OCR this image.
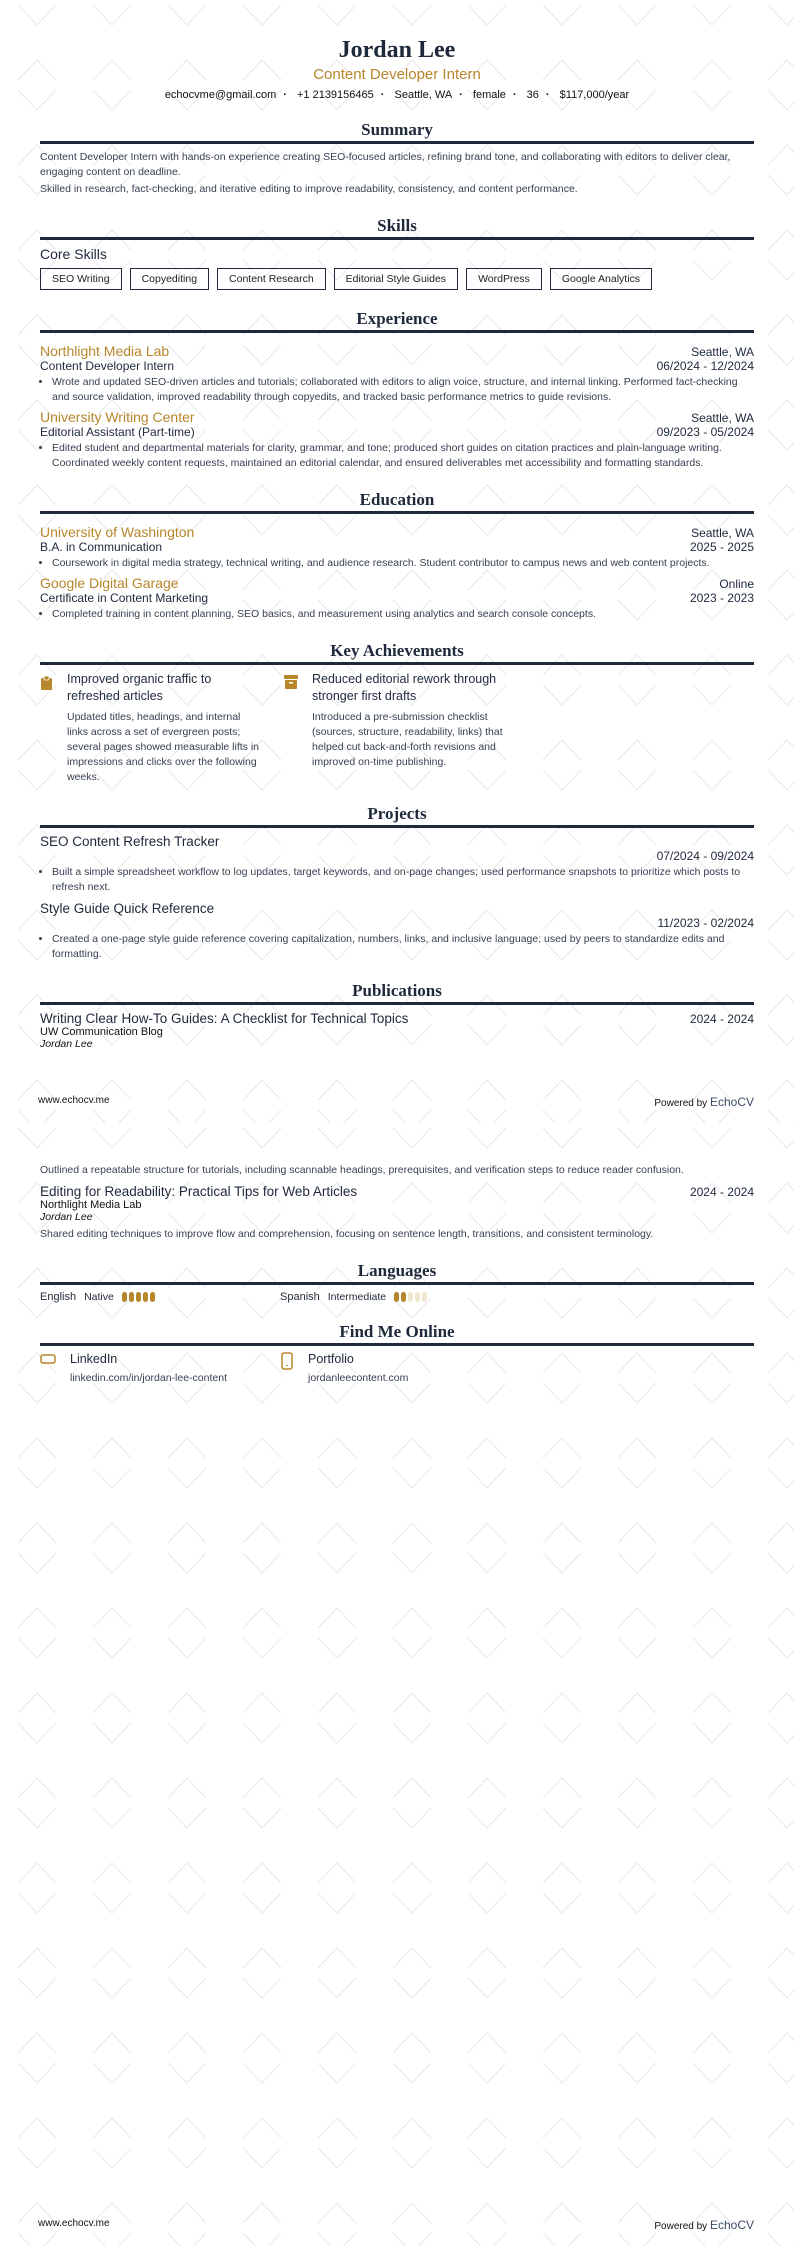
Jordan Lee
Content Developer Intern
echocvme@gmail.com · +1 2139156465 · Seattle, WA · female · 36 · $117,000/year
Summary

Content Developer Intern with hands-on experience creating SEO-focused articles, refining brand tone, and collaborating with editors to deliver clear, engaging content on deadline.

Skilled in research, fact-checking, and iterative editing to improve readability, consistency, and content performance.

Skills
Core Skills
SEO Writing	Copyediting	Content Research	Editorial Style Guides	WordPress	Google Analytics
Experience
Northlight Media Lab	Seattle, WA
Content Developer Intern	06/2024 - 12/2024
• Wrote and updated SEO-driven articles and tutorials; collaborated with editors to align voice, structure, and internal linking. Performed fact-checking and source validation, improved readability through copyedits, and tracked basic performance metrics to guide revisions.
University Writing Center	Seattle, WA
Editorial Assistant (Part-time)	09/2023 - 05/2024
• Edited student and departmental materials for clarity, grammar, and tone; produced short guides on citation practices and plain-language writing. Coordinated weekly content requests, maintained an editorial calendar, and ensured deliverables met accessibility and formatting standards.
Education
University of Washington	Seattle, WA
B.A. in Communication	2025 - 2025
• Coursework in digital media strategy, technical writing, and audience research. Student contributor to campus news and web content projects.
Google Digital Garage	Online
Certificate in Content Marketing	2023 - 2023
• Completed training in content planning, SEO basics, and measurement using analytics and search console concepts.
Key Achievements
Improved organic traffic to refreshed articles
Updated titles, headings, and internal links across a set of evergreen posts; several pages showed measurable lifts in impressions and clicks over the following weeks.
Reduced editorial rework through stronger first drafts
Introduced a pre-submission checklist (sources, structure, readability, links) that helped cut back-and-forth revisions and improved on-time publishing.
Projects
SEO Content Refresh Tracker
07/2024 - 09/2024
• Built a simple spreadsheet workflow to log updates, target keywords, and on-page changes; used performance snapshots to prioritize which posts to refresh next.
Style Guide Quick Reference
11/2023 - 02/2024
• Created a one-page style guide reference covering capitalization, numbers, links, and inclusive language; used by peers to standardize edits and formatting.
Publications
Writing Clear How-To Guides: A Checklist for Technical Topics	2024 - 2024
UW Communication Blog
Jordan Lee
www.echocv.me	Powered by EchoCV

Outlined a repeatable structure for tutorials, including scannable headings, prerequisites, and verification steps to reduce reader confusion.

Editing for Readability: Practical Tips for Web Articles	2024 - 2024
Northlight Media Lab
Jordan Lee

Shared editing techniques to improve flow and comprehension, focusing on sentence length, transitions, and consistent terminology.

Languages
English Native	Spanish Intermediate
Find Me Online
LinkedIn
linkedin.com/in/jordan-lee-content
Portfolio
jordanleecontent.com
www.echocv.me	Powered by EchoCV
